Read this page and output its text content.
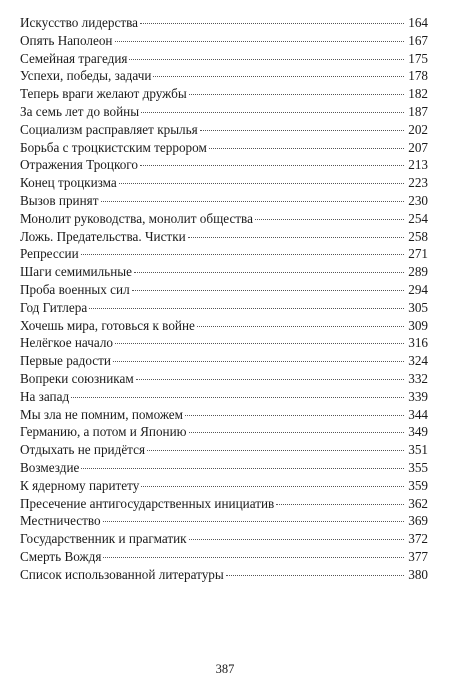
Искусство лидерства	164
Опять Наполеон	167
Семейная трагедия	175
Успехи, победы, задачи	178
Теперь враги желают дружбы	182
За семь лет до войны	187
Социализм расправляет крылья	202
Борьба с троцкистским террором	207
Отражения Троцкого	213
Конец троцкизма	223
Вызов принят	230
Монолит руководства, монолит общества	254
Ложь. Предательства. Чистки	258
Репрессии	271
Шаги семимильные	289
Проба военных сил	294
Год Гитлера	305
Хочешь мира, готовься к войне	309
Нелёгкое начало	316
Первые радости	324
Вопреки союзникам	332
На запад	339
Мы зла не помним, поможем	344
Германию, а потом и Японию	349
Отдыхать не придётся	351
Возмездие	355
К ядерному паритету	359
Пресечение антигосударственных инициатив	362
Местничество	369
Государственник и прагматик	372
Смерть Вождя	377
Список использованной литературы	380
387
